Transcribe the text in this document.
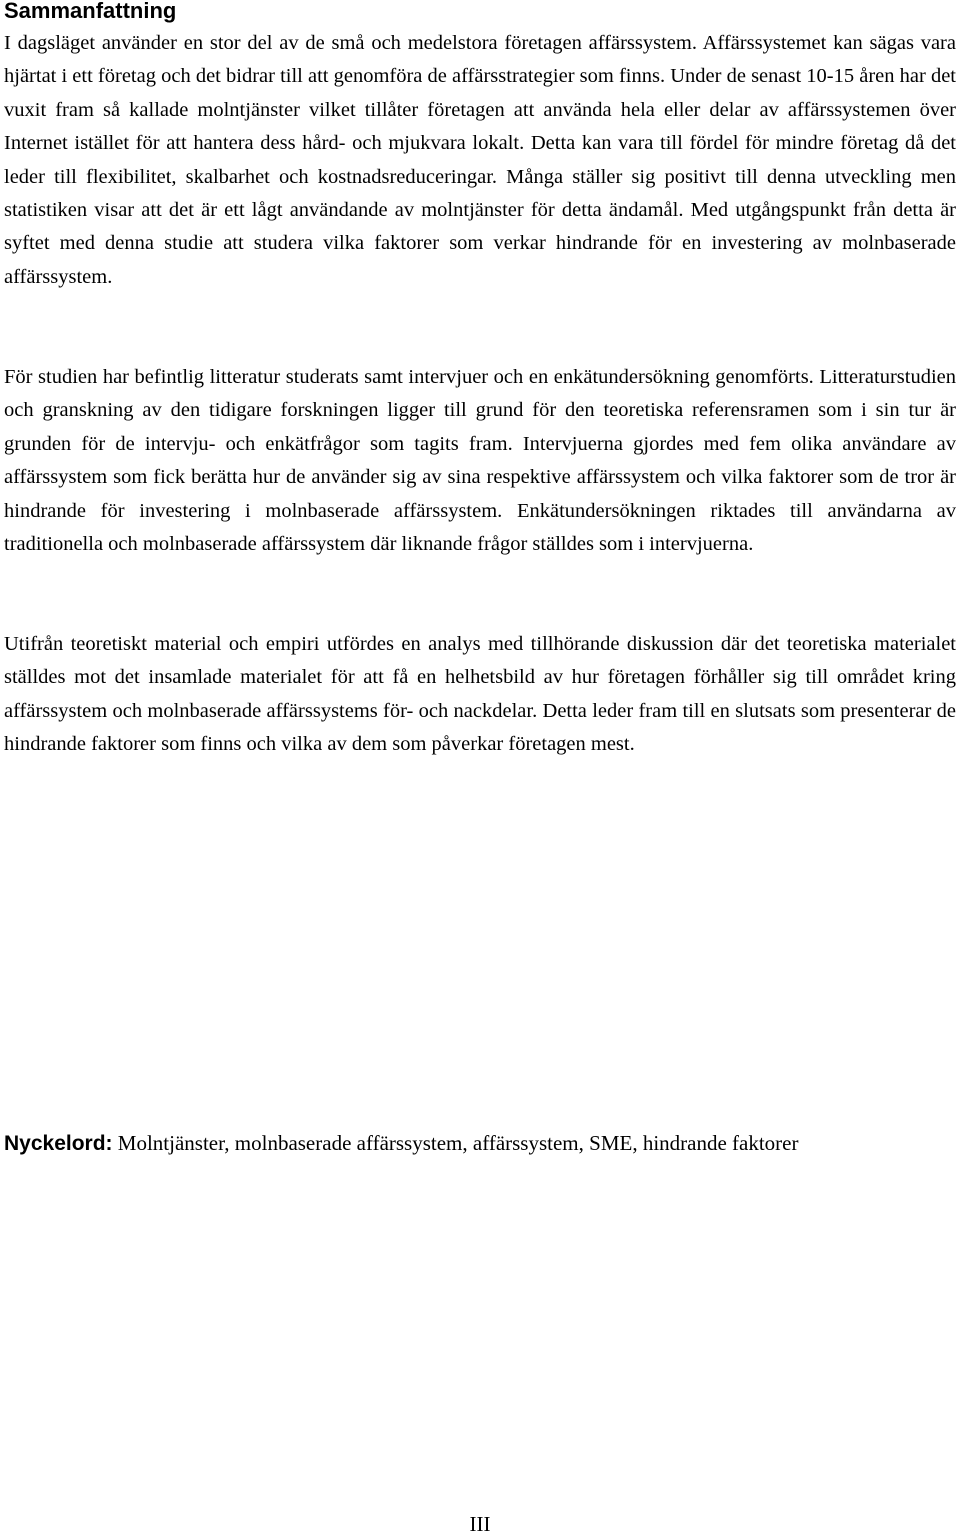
Sammanfattning

I dagsläget använder en stor del av de små och medelstora företagen affärssystem. Affärssystemet kan sägas vara hjärtat i ett företag och det bidrar till att genomföra de affärsstrategier som finns. Under de senast 10-15 åren har det vuxit fram så kallade molntjänster vilket tillåter företagen att använda hela eller delar av affärssystemen över Internet istället för att hantera dess hård- och mjukvara lokalt. Detta kan vara till fördel för mindre företag då det leder till flexibilitet, skalbarhet och kostnadsreduceringar. Många ställer sig positivt till denna utveckling men statistiken visar att det är ett lågt användande av molntjänster för detta ändamål. Med utgångspunkt från detta är syftet med denna studie att studera vilka faktorer som verkar hindrande för en investering av molnbaserade affärssystem.

För studien har befintlig litteratur studerats samt intervjuer och en enkätundersökning genomförts. Litteraturstudien och granskning av den tidigare forskningen ligger till grund för den teoretiska referensramen som i sin tur är grunden för de intervju- och enkätfrågor som tagits fram. Intervjuerna gjordes med fem olika användare av affärssystem som fick berätta hur de använder sig av sina respektive affärssystem och vilka faktorer som de tror är hindrande för investering i molnbaserade affärssystem. Enkätundersökningen riktades till användarna av traditionella och molnbaserade affärssystem där liknande frågor ställdes som i intervjuerna.

Utifrån teoretiskt material och empiri utfördes en analys med tillhörande diskussion där det teoretiska materialet ställdes mot det insamlade materialet för att få en helhetsbild av hur företagen förhåller sig till området kring affärssystem och molnbaserade affärssystems för- och nackdelar. Detta leder fram till en slutsats som presenterar de hindrande faktorer som finns och vilka av dem som påverkar företagen mest.

Nyckelord: Molntjänster, molnbaserade affärssystem, affärssystem, SME, hindrande faktorer

III
